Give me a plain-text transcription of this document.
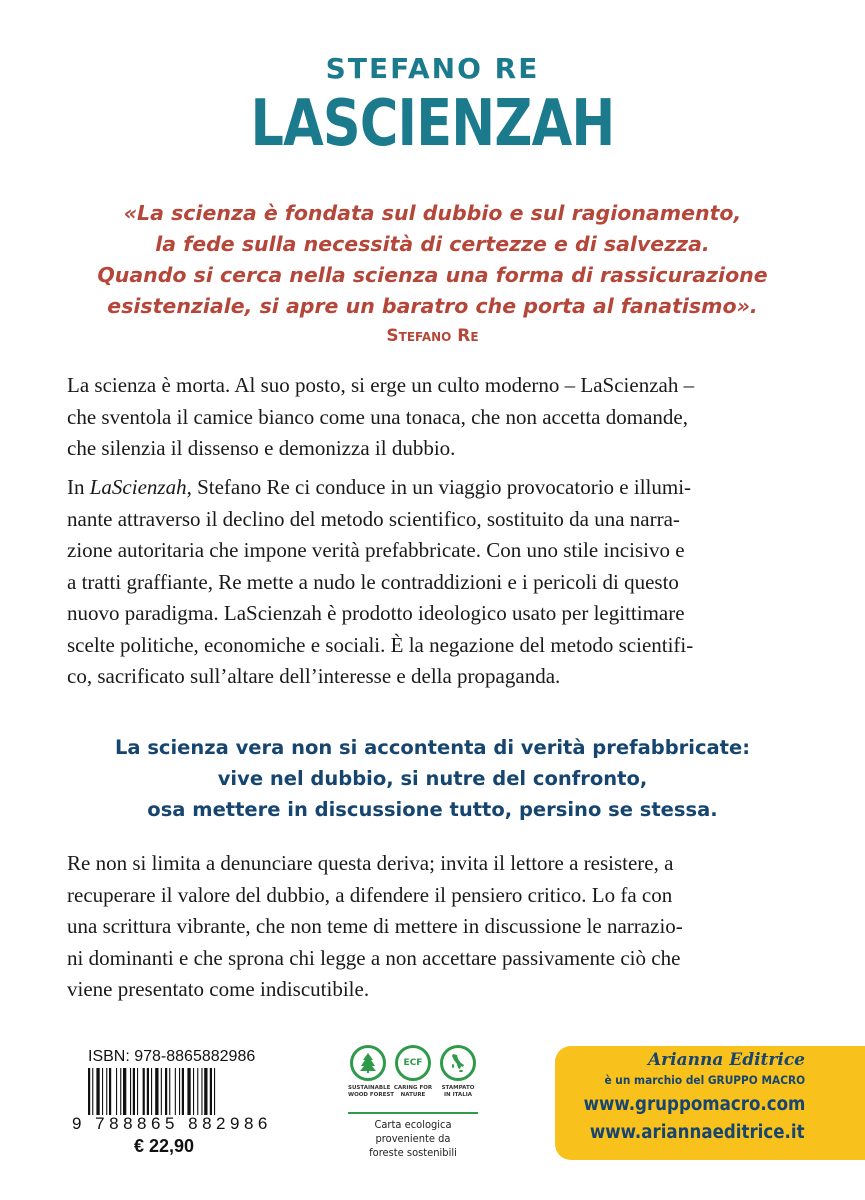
STEFANO RE
LASCIENZAH
«La scienza è fondata sul dubbio e sul ragionamento,
la fede sulla necessità di certezze e di salvezza.
Quando si cerca nella scienza una forma di rassicurazione
esistenziale, si apre un baratro che porta al fanatismo».
Stefano Re
La scienza è morta. Al suo posto, si erge un culto moderno – LaScienzah –
che sventola il camice bianco come una tonaca, che non accetta domande,
che silenzia il dissenso e demonizza il dubbio.
In LaScienzah, Stefano Re ci conduce in un viaggio provocatorio e illumi-
nante attraverso il declino del metodo scientifico, sostituito da una narra-
zione autoritaria che impone verità prefabbricate. Con uno stile incisivo e
a tratti graffiante, Re mette a nudo le contraddizioni e i pericoli di questo
nuovo paradigma. LaScienzah è prodotto ideologico usato per legittimare
scelte politiche, economiche e sociali. È la negazione del metodo scientifi-
co, sacrificato sull’altare dell’interesse e della propaganda.
La scienza vera non si accontenta di verità prefabbricate:
vive nel dubbio, si nutre del confronto,
osa mettere in discussione tutto, persino se stessa.
Re non si limita a denunciare questa deriva; invita il lettore a resistere, a
recuperare il valore del dubbio, a difendere il pensiero critico. Lo fa con
una scrittura vibrante, che non teme di mettere in discussione le narrazio-
ni dominanti e che sprona chi legge a non accettare passivamente ciò che
viene presentato come indiscutibile.
ISBN: 978-8865882986
9 788865 882986
€ 22,90
SUSTAINABLE
WOOD FOREST
ECF
CARING FOR
NATURE
STAMPATO
IN ITALIA
Carta ecologica
proveniente da
foreste sostenibili
Arianna Editrice
è un marchio del GRUPPO MACRO
www.gruppomacro.com
www.ariannaeditrice.it
